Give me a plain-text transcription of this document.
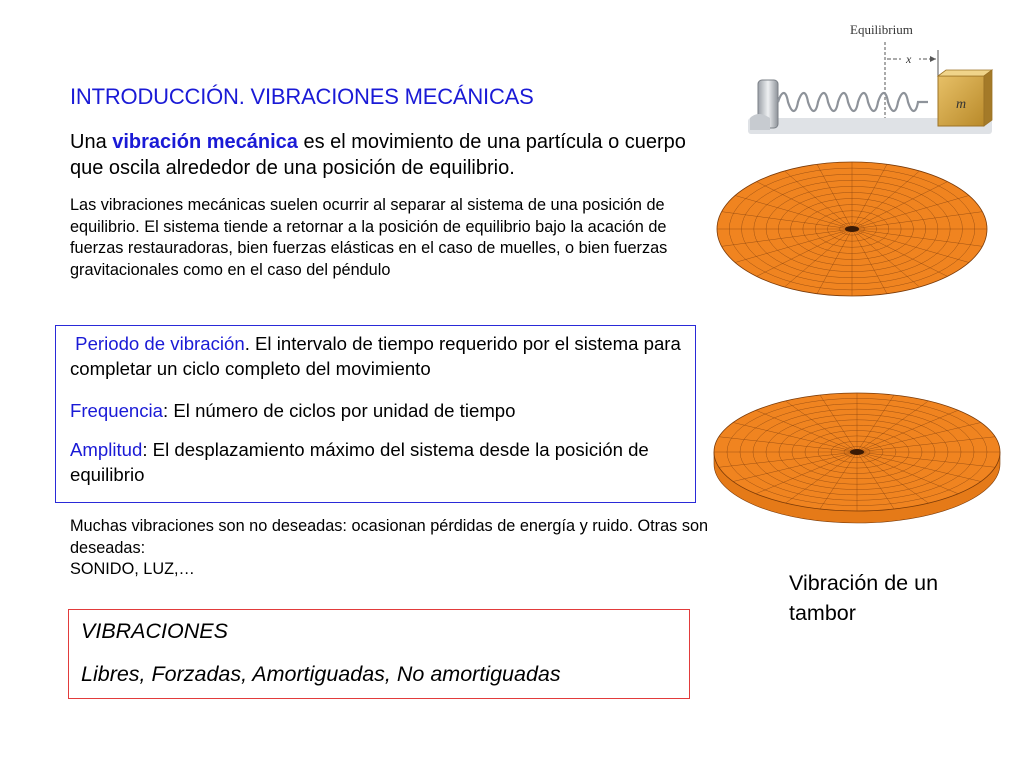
INTRODUCCIÓN. VIBRACIONES MECÁNICAS
Una vibración mecánica es el movimiento de una partícula o cuerpo que oscila alrededor de una posición de equilibrio.
Las vibraciones mecánicas suelen ocurrir al separar al sistema de una posición de equilibrio. El sistema tiende a retornar a la posición de equilibrio bajo la acación de fuerzas restauradoras, bien fuerzas elásticas en el caso de muelles, o bien fuerzas gravitacionales como en el caso del péndulo
Periodo de vibración. El intervalo de tiempo requerido por el sistema para completar un ciclo completo del movimiento
Frequencia: El número de ciclos por unidad de tiempo
Amplitud: El desplazamiento máximo del sistema desde la posición de equilibrio
Muchas vibraciones son no deseadas: ocasionan pérdidas de energía y ruido. Otras son deseadas:
SONIDO, LUZ,…
VIBRACIONES
Libres, Forzadas, Amortiguadas, No amortiguadas
Equilibrium
x
m
Vibración de un tambor
